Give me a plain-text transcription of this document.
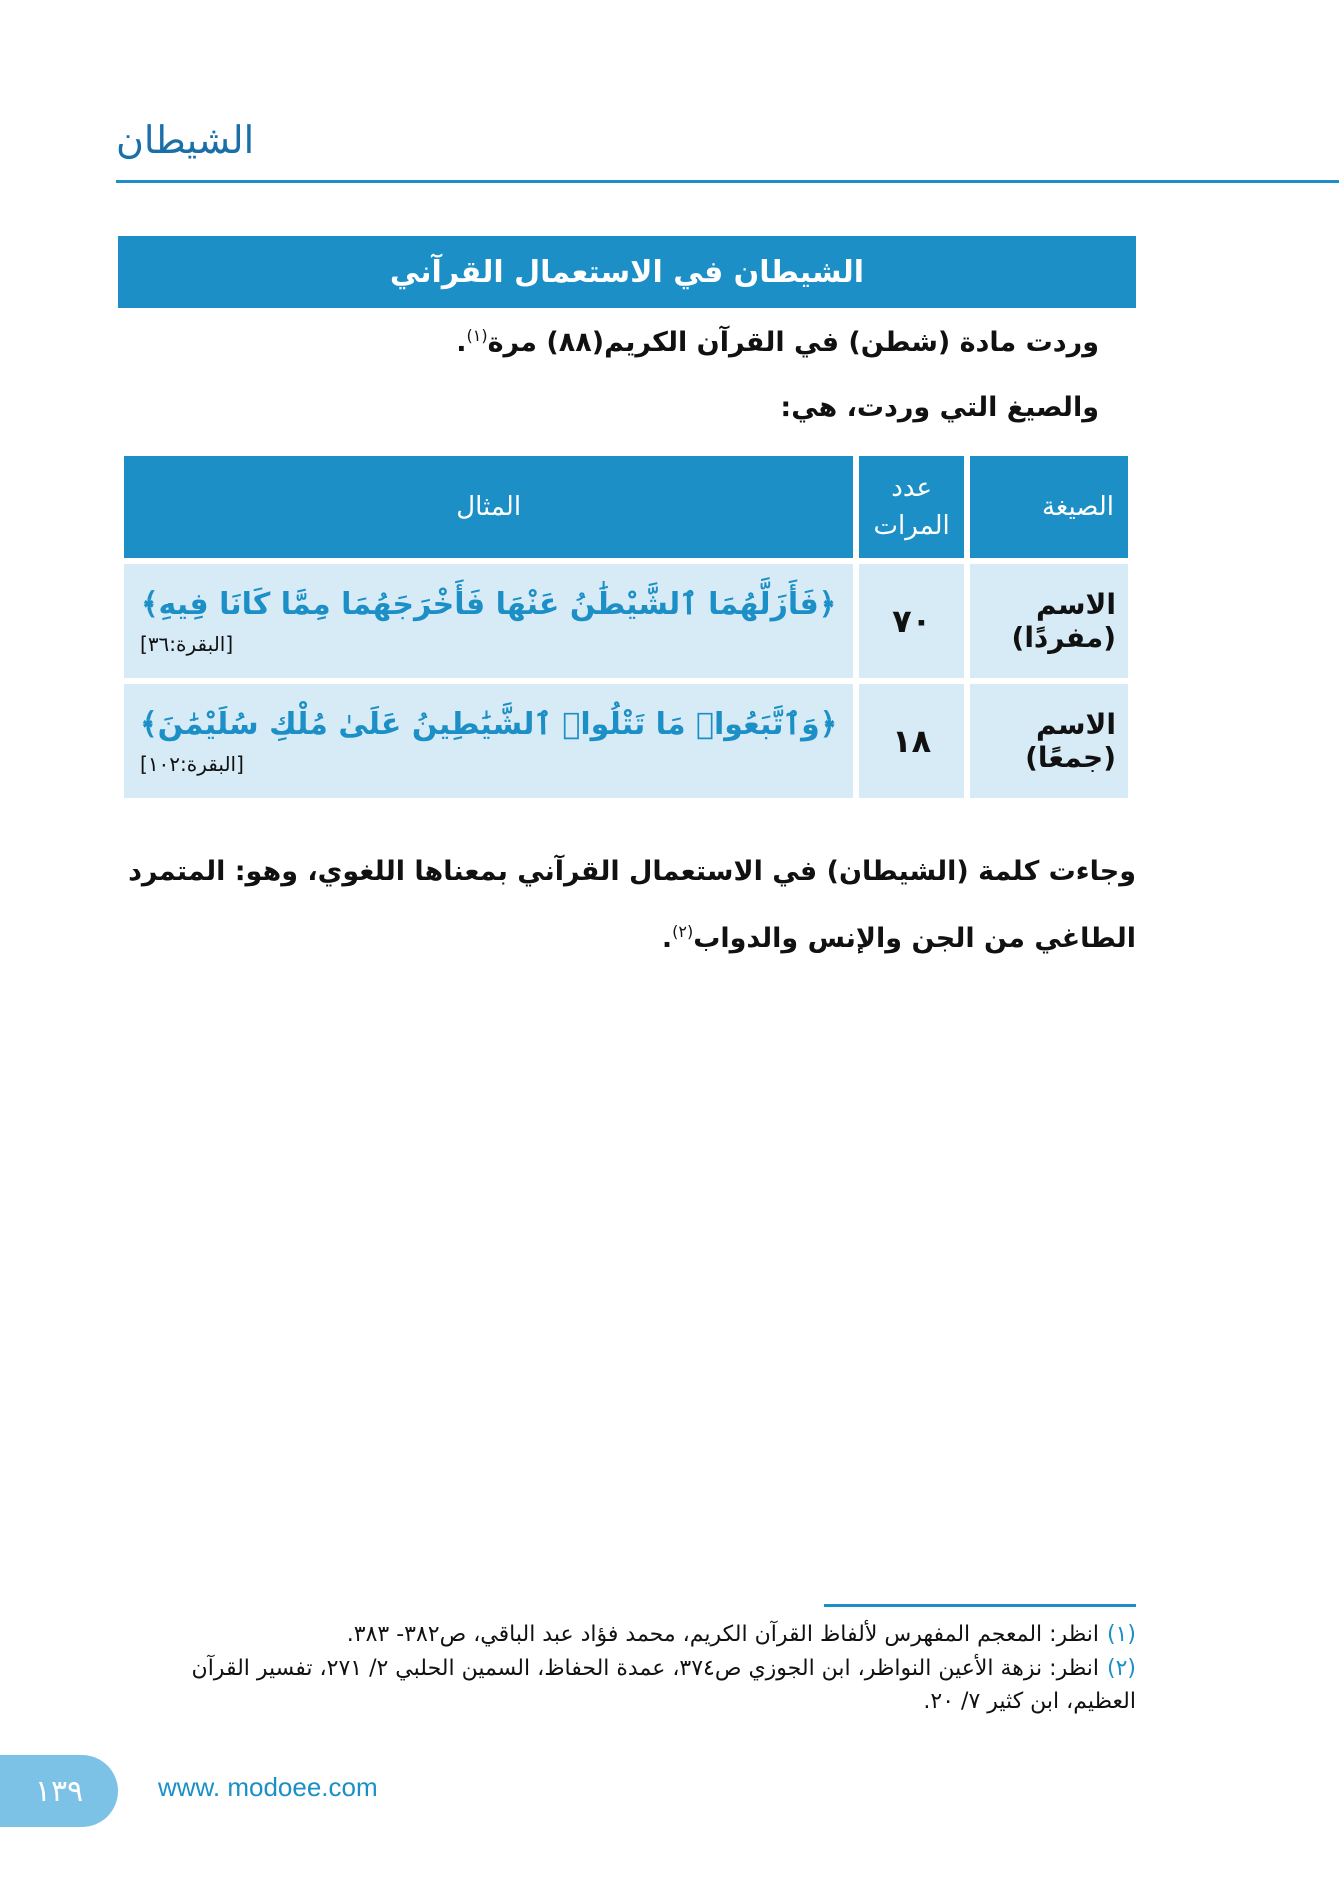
الشيطان
الشيطان في الاستعمال القرآني
وردت مادة (شطن) في القرآن الكريم(٨٨) مرة$^{(١)}$.
والصيغ التي وردت، هي:
الصيغة	عدد المرات	المثال
الاسم (مفردًا)	٧٠	﴿فَأَزَلَّهُمَا ٱلشَّيْطَٰنُ عَنْهَا فَأَخْرَجَهُمَا مِمَّا كَانَا فِيهِ﴾
[البقرة:٣٦]

الاسم (جمعًا)	١٨	﴿وَٱتَّبَعُوا۟ مَا تَتْلُوا۟ ٱلشَّيَٰطِينُ عَلَىٰ مُلْكِ سُلَيْمَٰنَ﴾
[البقرة:١٠٢]
وجاءت كلمة (الشيطان) في الاستعمال القرآني بمعناها اللغوي، وهو: المتمرد الطاغي من الجن والإنس والدواب$^{(٢)}$.
(١)انظر: المعجم المفهرس لألفاظ القرآن الكريم، محمد فؤاد عبد الباقي، ص٣٨٢- ٣٨٣.
(٢)انظر: نزهة الأعين النواظر، ابن الجوزي ص٣٧٤، عمدة الحفاظ، السمين الحلبي ٢/ ٢٧١، تفسير القرآن العظيم، ابن كثير ٧/ ٢٠.
١٣٩	www. modoee.com
